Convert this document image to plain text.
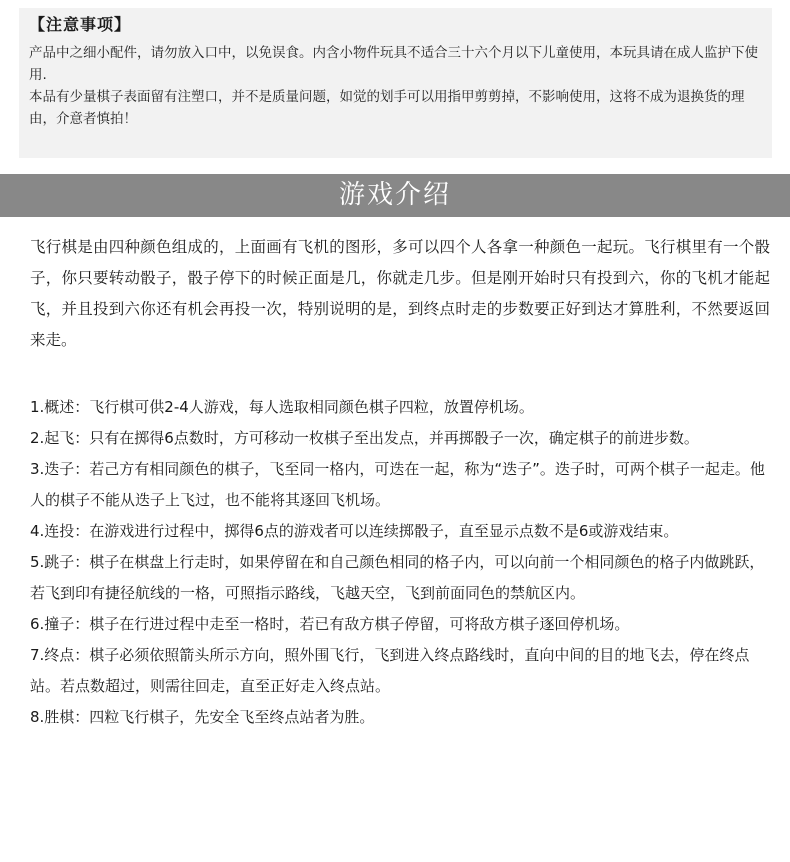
【注意事项】

产品中之细小配件，请勿放入口中，以免误食。内含小物件玩具不适合三十六个月以下儿童使用，本玩具请在成人监护下使用.

本品有少量棋子表面留有注塑口，并不是质量问题，如觉的划手可以用指甲剪剪掉，不影响使用，这将不成为退换货的理由，介意者慎拍！

游戏介绍

飞行棋是由四种颜色组成的，上面画有飞机的图形，多可以四个人各拿一种颜色一起玩。飞行棋里有一个骰子，你只要转动骰子，骰子停下的时候正面是几，你就走几步。但是刚开始时只有投到六，你的飞机才能起飞，并且投到六你还有机会再投一次，特别说明的是，到终点时走的步数要正好到达才算胜利，不然要返回来走。

1.概述：飞行棋可供2-4人游戏，每人选取相同颜色棋子四粒，放置停机场。
2.起飞：只有在掷得6点数时，方可移动一枚棋子至出发点，并再掷骰子一次，确定棋子的前进步数。
3.迭子：若己方有相同颜色的棋子，飞至同一格内，可迭在一起，称为“迭子”。迭子时，可两个棋子一起走。他人的棋子不能从迭子上飞过，也不能将其逐回飞机场。
4.连投：在游戏进行过程中，掷得6点的游戏者可以连续掷骰子，直至显示点数不是6或游戏结束。
5.跳子：棋子在棋盘上行走时，如果停留在和自己颜色相同的格子内，可以向前一个相同颜色的格子内做跳跃，若飞到印有捷径航线的一格，可照指示路线，飞越天空，飞到前面同色的禁航区内。
6.撞子：棋子在行进过程中走至一格时，若已有敌方棋子停留，可将敌方棋子逐回停机场。
7.终点：棋子必须依照箭头所示方向，照外围飞行，飞到进入终点路线时，直向中间的目的地飞去，停在终点站。若点数超过，则需往回走，直至正好走入终点站。
8.胜棋：四粒飞行棋子，先安全飞至终点站者为胜。
